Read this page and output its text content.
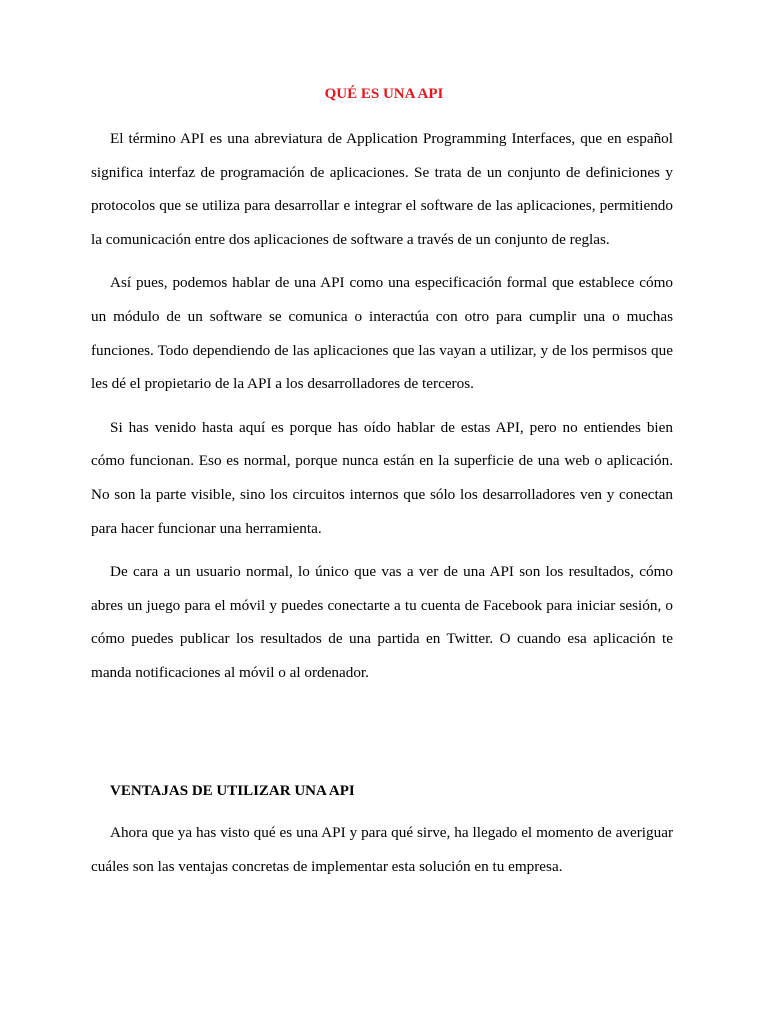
QUÉ ES UNA API

El término API es una abreviatura de Application Programming Interfaces, que en español significa interfaz de programación de aplicaciones. Se trata de un conjunto de definiciones y protocolos que se utiliza para desarrollar e integrar el software de las aplicaciones, permitiendo la comunicación entre dos aplicaciones de software a través de un conjunto de reglas.

Así pues, podemos hablar de una API como una especificación formal que establece cómo un módulo de un software se comunica o interactúa con otro para cumplir una o muchas funciones. Todo dependiendo de las aplicaciones que las vayan a utilizar, y de los permisos que les dé el propietario de la API a los desarrolladores de terceros.

Si has venido hasta aquí es porque has oído hablar de estas API, pero no entiendes bien cómo funcionan. Eso es normal, porque nunca están en la superficie de una web o aplicación. No son la parte visible, sino los circuitos internos que sólo los desarrolladores ven y conectan para hacer funcionar una herramienta.

De cara a un usuario normal, lo único que vas a ver de una API son los resultados, cómo abres un juego para el móvil y puedes conectarte a tu cuenta de Facebook para iniciar sesión, o cómo puedes publicar los resultados de una partida en Twitter. O cuando esa aplicación te manda notificaciones al móvil o al ordenador.

VENTAJAS DE UTILIZAR UNA API

Ahora que ya has visto qué es una API y para qué sirve, ha llegado el momento de averiguar cuáles son las ventajas concretas de implementar esta solución en tu empresa.
